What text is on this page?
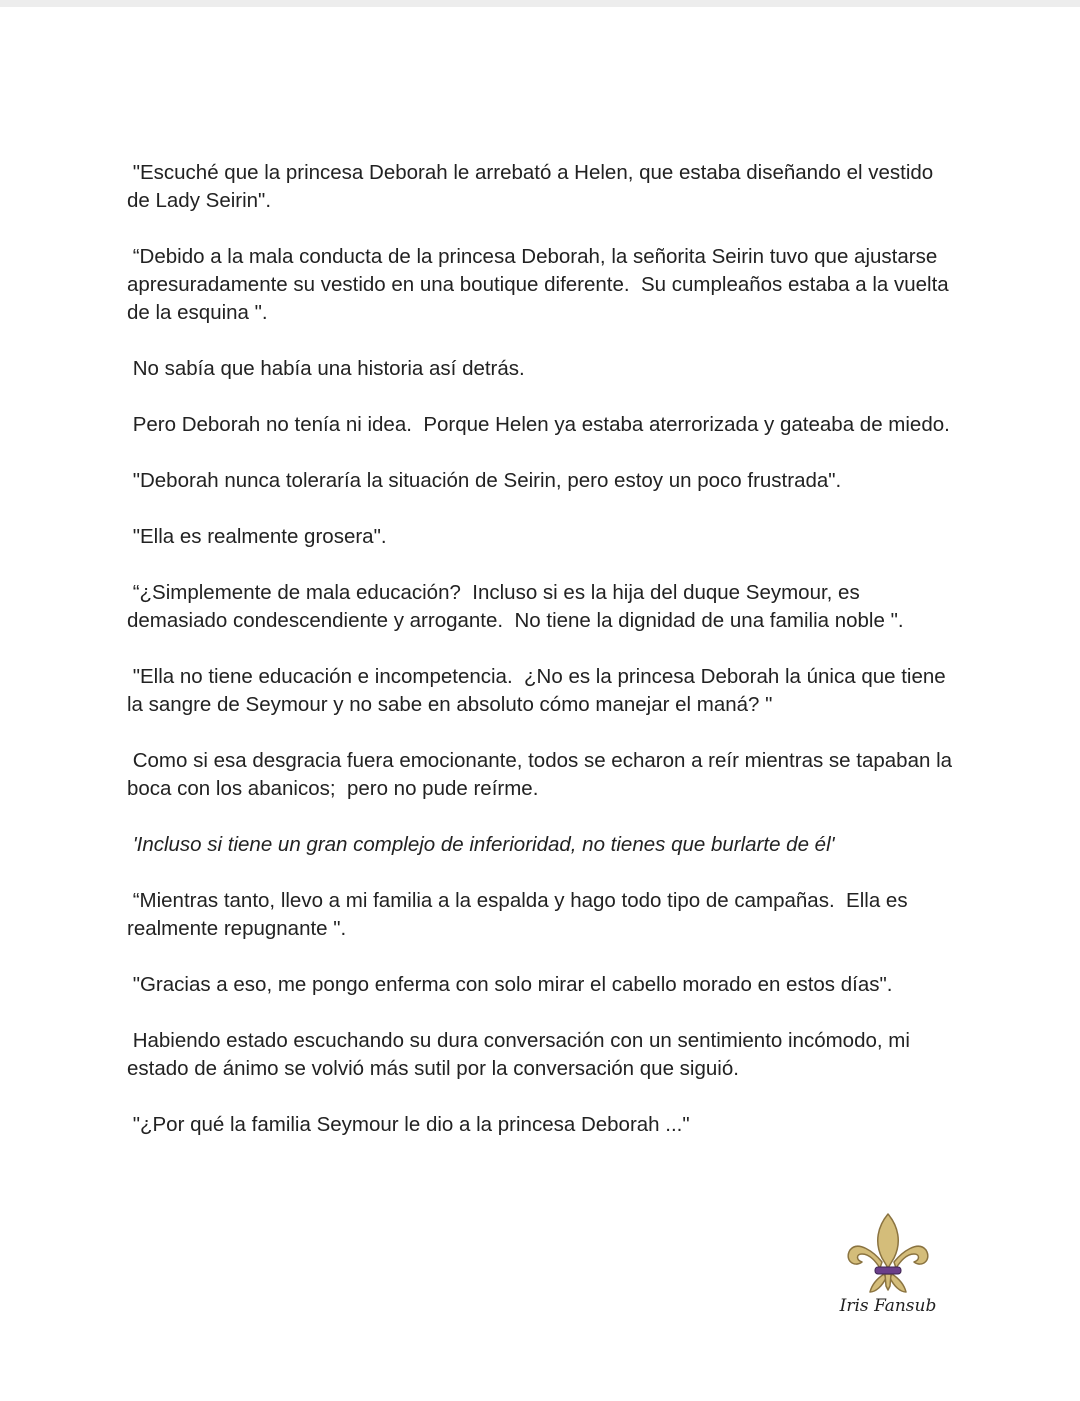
"Escuché que la princesa Deborah le arrebató a Helen, que estaba diseñando el vestido de Lady Seirin".

“Debido a la mala conducta de la princesa Deborah, la señorita Seirin tuvo que ajustarse apresuradamente su vestido en una boutique diferente.  Su cumpleaños estaba a la vuelta de la esquina ".

No sabía que había una historia así detrás.

Pero Deborah no tenía ni idea.  Porque Helen ya estaba aterrorizada y gateaba de miedo.

"Deborah nunca toleraría la situación de Seirin, pero estoy un poco frustrada".

"Ella es realmente grosera".

“¿Simplemente de mala educación?  Incluso si es la hija del duque Seymour, es demasiado condescendiente y arrogante.  No tiene la dignidad de una familia noble ".

"Ella no tiene educación e incompetencia.  ¿No es la princesa Deborah la única que tiene la sangre de Seymour y no sabe en absoluto cómo manejar el maná? "

Como si esa desgracia fuera emocionante, todos se echaron a reír mientras se tapaban la boca con los abanicos;  pero no pude reírme.

'Incluso si tiene un gran complejo de inferioridad, no tienes que burlarte de él'

“Mientras tanto, llevo a mi familia a la espalda y hago todo tipo de campañas.  Ella es realmente repugnante ".

"Gracias a eso, me pongo enferma con solo mirar el cabello morado en estos días".

Habiendo estado escuchando su dura conversación con un sentimiento incómodo, mi estado de ánimo se volvió más sutil por la conversación que siguió.

"¿Por qué la familia Seymour le dio a la princesa Deborah ..."

Iris Fansub
